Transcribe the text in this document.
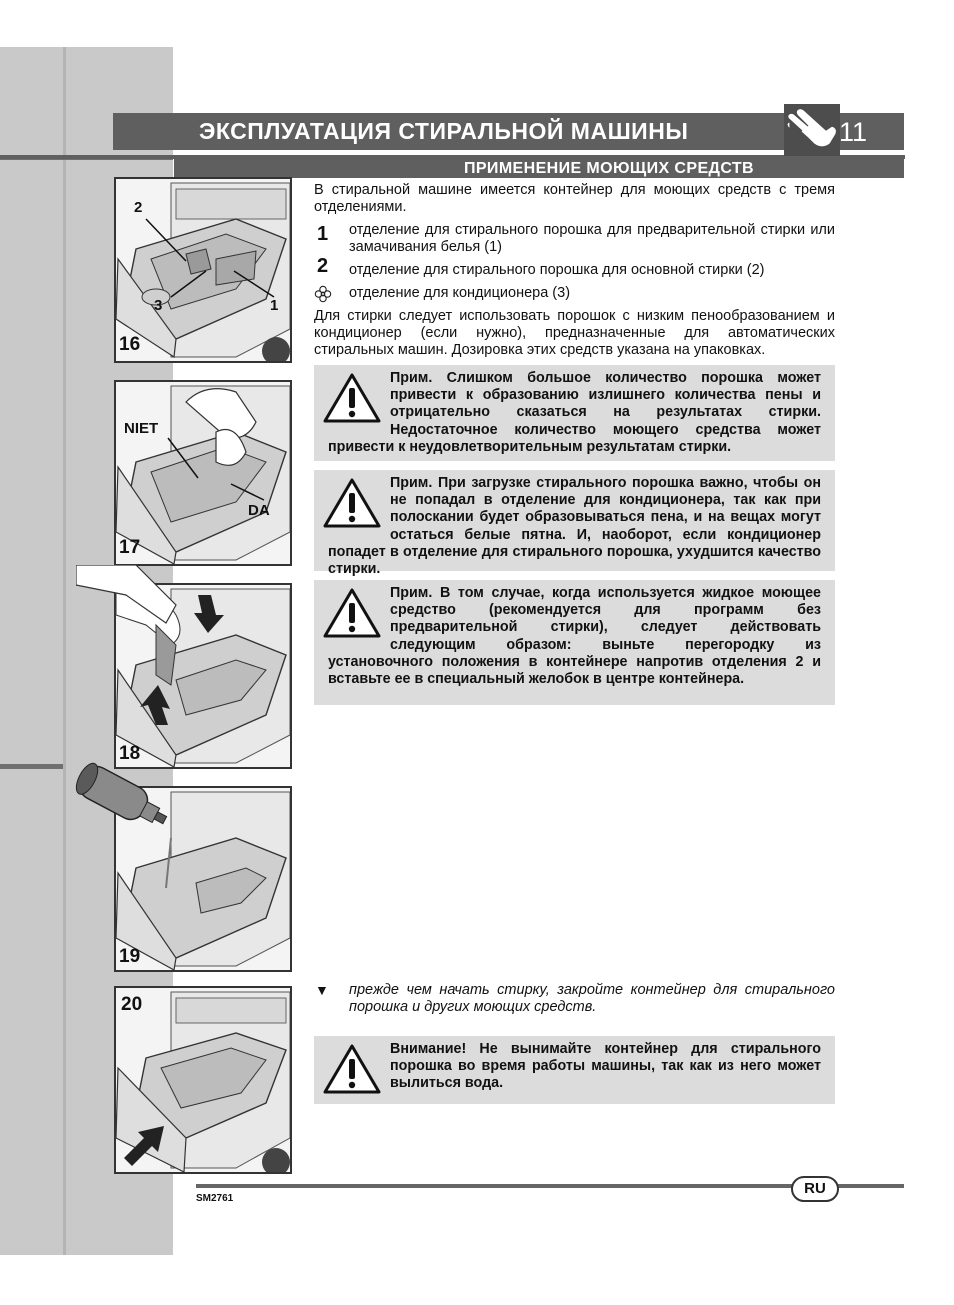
ЭКСПЛУАТАЦИЯ СТИРАЛЬНОЙ МАШИНЫ	11
ПРИМЕНЕНИЕ МОЮЩИХ СРЕДСТВ
2
3	1
16
NIET
DA
17
18
19
20
В стиральной машине имеется контейнер для моющих средств с тремя отделениями.
1 отделение для стирального порошка для предварительной стирки или замачивания белья (1)
2 отделение для стирального порошка для основной стирки (2)
отделение для кондиционера (3)
Для стирки следует использовать порошок с низким пенообразованием и кондиционер (если нужно), предназначенные для автоматических стиральных машин. Дозировка этих средств указана на упаковках.
Прим. Слишком большое количество порошка может привести к образованию излишнего количества пены и отрицательно сказаться на результатах стирки. Недостаточное количество моющего средства может привести к неудовлетворительным результатам стирки.
Прим. При загрузке стирального порошка важно, чтобы он не попадал в отделение для кондиционера, так как при полоскании будет образовываться пена, и на вещах могут остаться белые пятна. И, наоборот, если кондиционер попадет в отделение для стирального порошка, ухудшится качество стирки.
Прим. В том случае, когда используется жидкое моющее средство (рекомендуется для программ без предварительной стирки), следует действовать следующим образом: выньте перегородку из установочного положения в контейнере напротив отделения 2 и вставьте ее в специальный желобок в центре контейнера.
▼ прежде чем начать стирку, закройте контейнер для стирального порошка и других моющих средств.
Внимание! Не вынимайте контейнер для стирального порошка во время работы машины, так как из него может вылиться вода.
RU
SM2761
